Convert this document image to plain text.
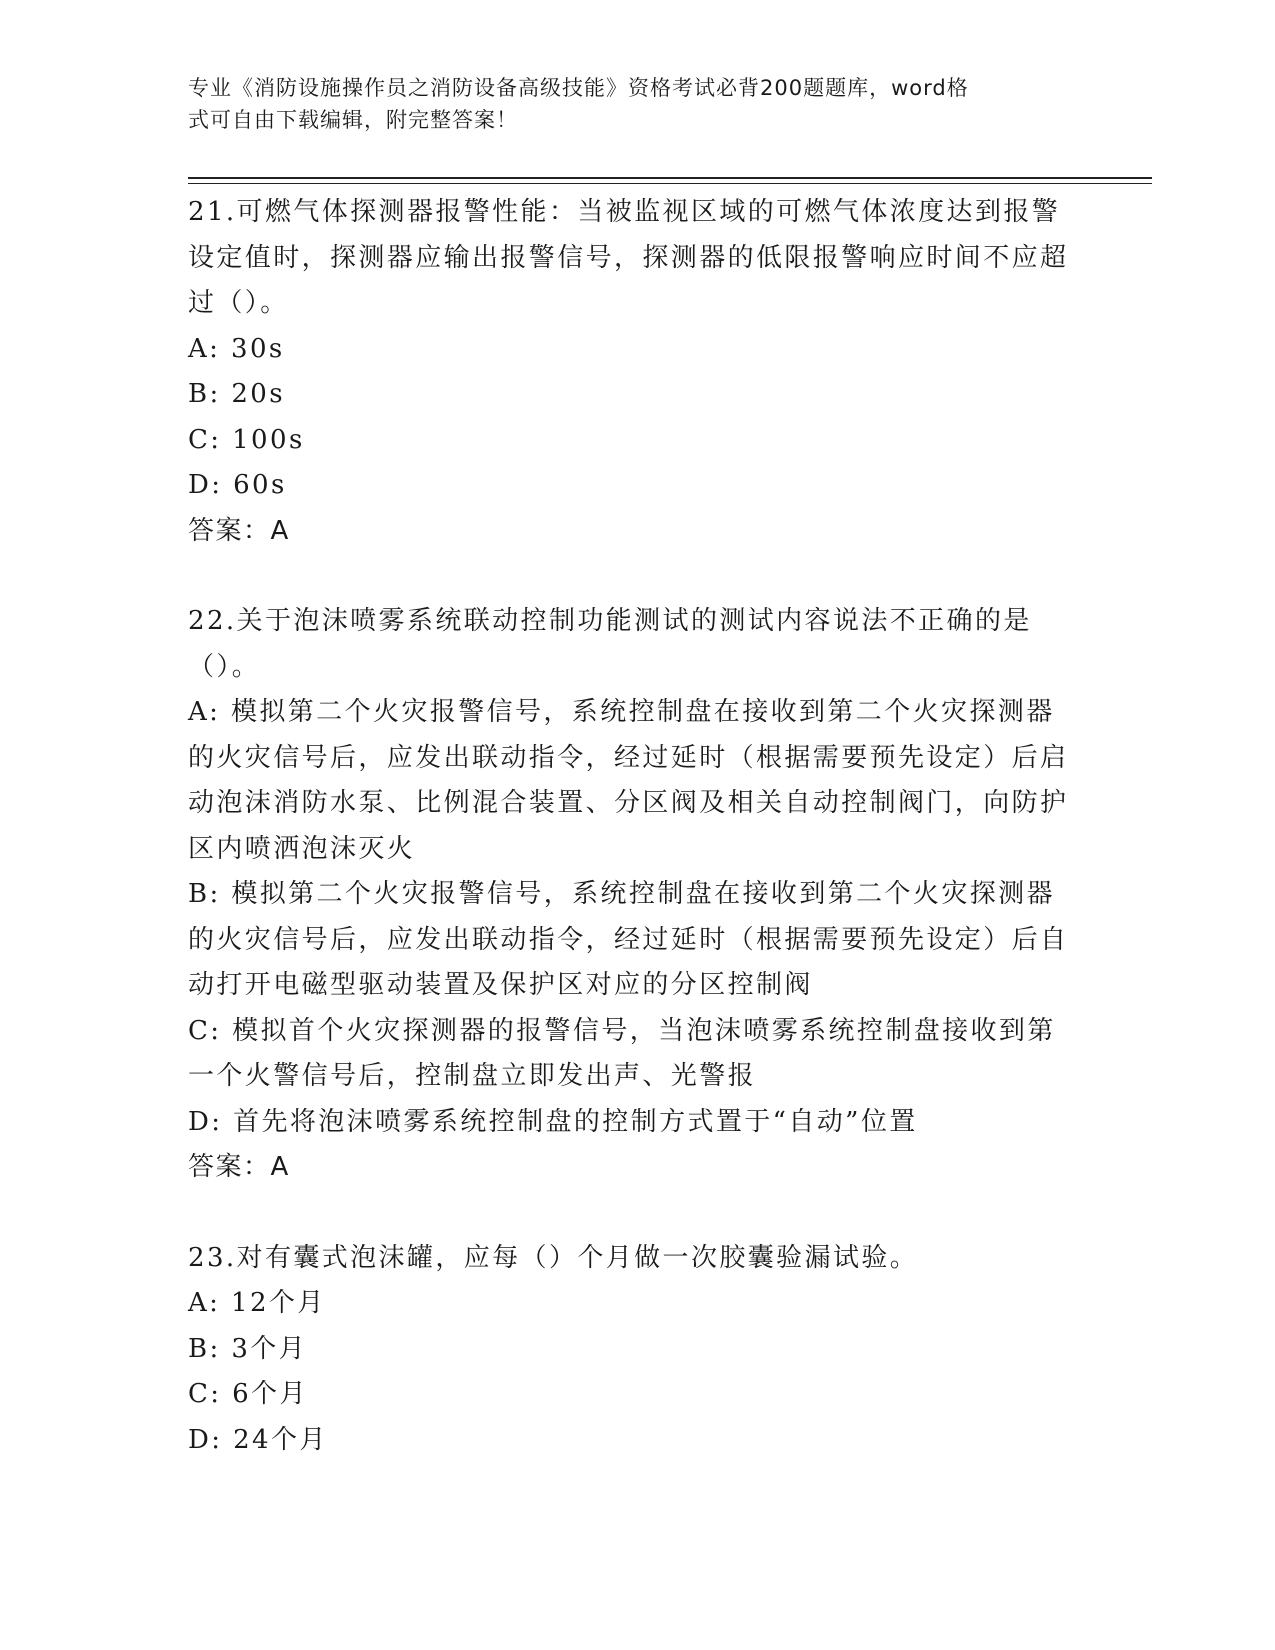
专业《消防设施操作员之消防设备高级技能》资格考试必背200题题库，word格
式可自由下载编辑，附完整答案！
21.可燃气体探测器报警性能：当被监视区域的可燃气体浓度达到报警设定值时，探测器应输出报警信号，探测器的低限报警响应时间不应超过（）。
A: 30s
B: 20s
C: 100s
D: 60s
答案：A
22.关于泡沫喷雾系统联动控制功能测试的测试内容说法不正确的是（）。
A: 模拟第二个火灾报警信号，系统控制盘在接收到第二个火灾探测器的火灾信号后，应发出联动指令，经过延时（根据需要预先设定）后启动泡沫消防水泵、比例混合装置、分区阀及相关自动控制阀门，向防护区内喷洒泡沫灭火
B: 模拟第二个火灾报警信号，系统控制盘在接收到第二个火灾探测器的火灾信号后，应发出联动指令，经过延时（根据需要预先设定）后自动打开电磁型驱动装置及保护区对应的分区控制阀
C: 模拟首个火灾探测器的报警信号，当泡沫喷雾系统控制盘接收到第一个火警信号后，控制盘立即发出声、光警报
D: 首先将泡沫喷雾系统控制盘的控制方式置于“自动”位置
答案：A
23.对有囊式泡沫罐，应每（）个月做一次胶囊验漏试验。
A: 12个月
B: 3个月
C: 6个月
D: 24个月
